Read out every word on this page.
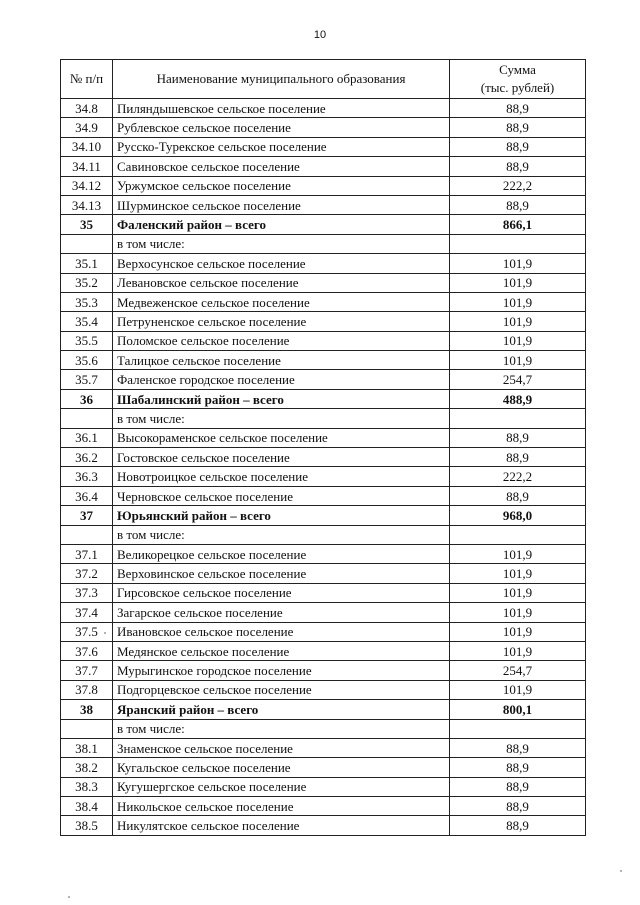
10
№ п/п	Наименование муниципального образования	Сумма
(тыс. рублей)
34.8	Пиляндышевское сельское поселение	88,9
34.9	Рублевское сельское поселение	88,9
34.10	Русско-Турекское сельское поселение	88,9
34.11	Савиновское сельское поселение	88,9
34.12	Уржумское сельское поселение	222,2
34.13	Шурминское сельское поселение	88,9
35	Фаленский район – всего	866,1
	в том числе:	
35.1	Верхосунское сельское поселение	101,9
35.2	Левановское сельское поселение	101,9
35.3	Медвеженское сельское поселение	101,9
35.4	Петруненское сельское поселение	101,9
35.5	Поломское сельское поселение	101,9
35.6	Талицкое сельское поселение	101,9
35.7	Фаленское городское поселение	254,7
36	Шабалинский район – всего	488,9
	в том числе:	
36.1	Высокораменское сельское поселение	88,9
36.2	Гостовское сельское поселение	88,9
36.3	Новотроицкое сельское поселение	222,2
36.4	Черновское сельское поселение	88,9
37	Юрьянский район – всего	968,0
	в том числе:	
37.1	Великорецкое сельское поселение	101,9
37.2	Верховинское сельское поселение	101,9
37.3	Гирсовское сельское поселение	101,9
37.4	Загарское сельское поселение	101,9
37.5	Ивановское сельское поселение	101,9
37.6	Медянское сельское поселение	101,9
37.7	Мурыгинское городское поселение	254,7
37.8	Подгорцевское сельское поселение	101,9
38	Яранский район – всего	800,1
	в том числе:	
38.1	Знаменское сельское поселение	88,9
38.2	Кугальское сельское поселение	88,9
38.3	Кугушергское сельское поселение	88,9
38.4	Никольское сельское поселение	88,9
38.5	Никулятское сельское поселение	88,9
